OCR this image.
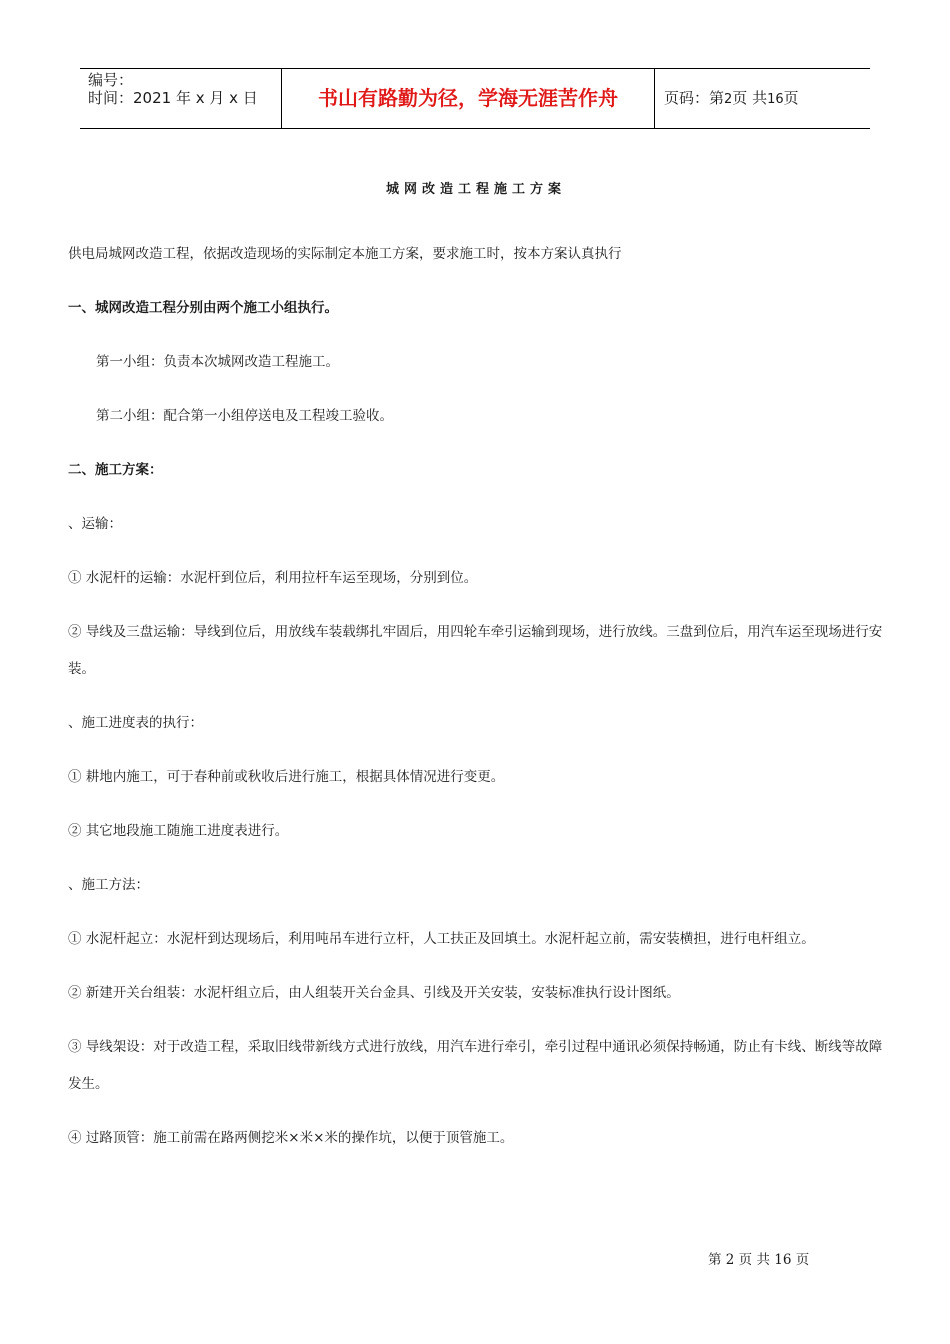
编号：
时间：2021 年 x 月 x 日	书山有路勤为径，学海无涯苦作舟	页码：第2页 共16页
城网改造工程施工方案

供电局城网改造工程，依据改造现场的实际制定本施工方案，要求施工时，按本方案认真执行

一、城网改造工程分别由两个施工小组执行。

第一小组：负责本次城网改造工程施工。

第二小组：配合第一小组停送电及工程竣工验收。

二、施工方案：

、运输：

① 水泥杆的运输：水泥杆到位后，利用拉杆车运至现场，分别到位。

② 导线及三盘运输：导线到位后，用放线车装载绑扎牢固后，用四轮车牵引运输到现场，进行放线。三盘到位后，用汽车运至现场进行安装。

、施工进度表的执行：

① 耕地内施工，可于春种前或秋收后进行施工，根据具体情况进行变更。

② 其它地段施工随施工进度表进行。

、施工方法：

① 水泥杆起立：水泥杆到达现场后，利用吨吊车进行立杆，人工扶正及回填土。水泥杆起立前，需安装横担，进行电杆组立。

② 新建开关台组装：水泥杆组立后，由人组装开关台金具、引线及开关安装，安装标准执行设计图纸。

③ 导线架设：对于改造工程，采取旧线带新线方式进行放线，用汽车进行牵引，牵引过程中通讯必须保持畅通，防止有卡线、断线等故障发生。

④ 过路顶管：施工前需在路两侧挖米×米×米的操作坑，以便于顶管施工。

第 2 页 共 16 页
